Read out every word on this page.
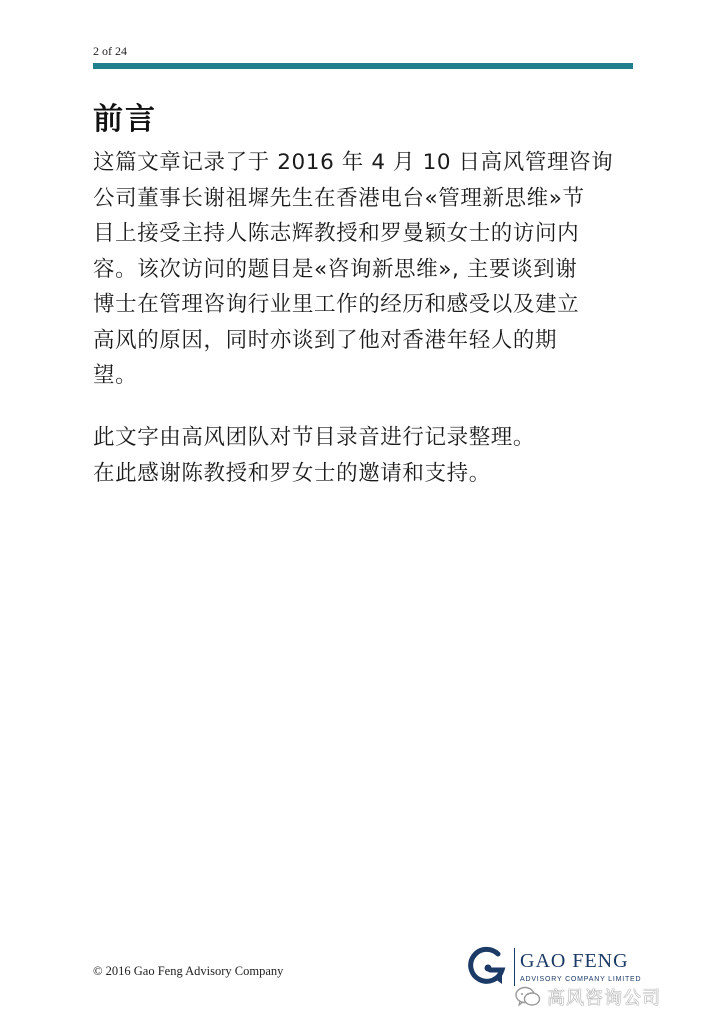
2 of 24
前言
这篇文章记录了于 2016 年 4 月 10 日高风管理咨询
公司董事长谢祖墀先生在香港电台«管理新思维»节
目上接受主持人陈志辉教授和罗曼颖女士的访问内
容。该次访问的题目是«咨询新思维», 主要谈到谢
博士在管理咨询行业里工作的经历和感受以及建立
高风的原因，同时亦谈到了他对香港年轻人的期
望。
此文字由高风团队对节目录音进行记录整理。
在此感谢陈教授和罗女士的邀请和支持。
© 2016 Gao Feng Advisory Company	GAO FENG
ADVISORY COMPANY LIMITED
高风咨询公司
